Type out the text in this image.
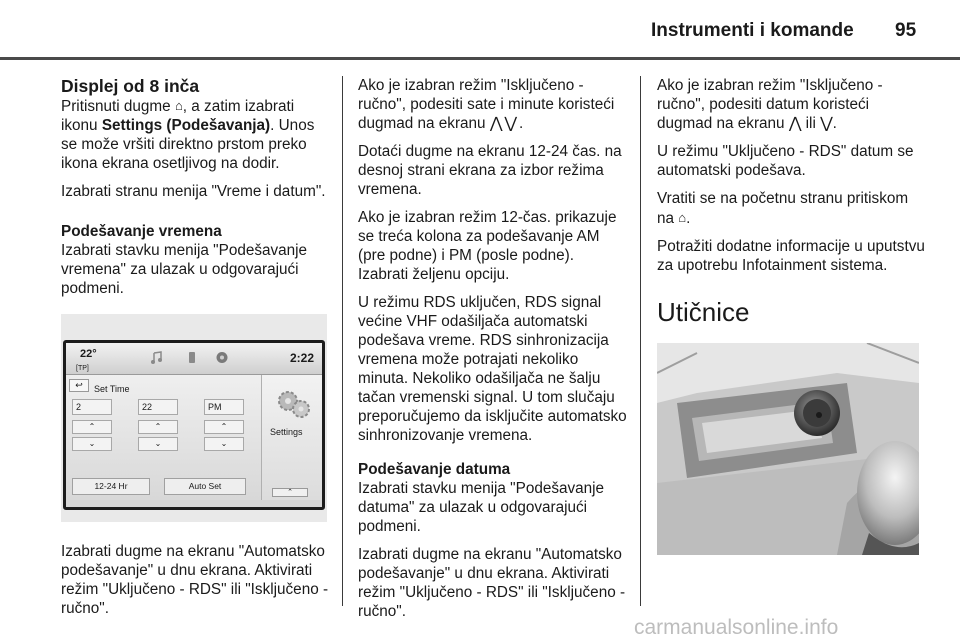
Instrumenti i komande 95

Displej od 8 inča

Pritisnuti dugme ⌂, a zatim izabrati ikonu Settings (Podešavanja). Unos se može vršiti direktno prstom preko ikona ekrana osetljivog na dodir.

Izabrati stranu menija "Vreme i datum".

Podešavanje vremena

Izabrati stavku menija "Podešavanje vremena" za ulazak u odgovarajući podmeni.

22°
[TP]
2:22
↩	Set Time
2	22	PM
⌃
⌄
⌃
⌄
⌃
⌄
12-24 Hr	Auto Set
Settings
⌃

Izabrati dugme na ekranu "Automatsko podešavanje" u dnu ekrana. Aktivirati režim "Uključeno - RDS" ili "Isključeno - ručno".

Ako je izabran režim "Isključeno - ručno", podesiti sate i minute koristeći dugmad na ekranu ⋀⋁.

Dotaći dugme na ekranu 12-24 čas. na desnoj strani ekrana za izbor režima vremena.

Ako je izabran režim 12-čas. prikazuje se treća kolona za podešavanje AM (pre podne) i PM (posle podne). Izabrati željenu opciju.

U režimu RDS uključen, RDS signal većine VHF odašiljača automatski podešava vreme. RDS sinhronizacija vremena može potrajati nekoliko minuta. Nekoliko odašiljača ne šalju tačan vremenski signal. U tom slučaju preporučujemo da isključite automatsko sinhronizovanje vremena.

Podešavanje datuma

Izabrati stavku menija "Podešavanje datuma" za ulazak u odgovarajući podmeni.

Izabrati dugme na ekranu "Automatsko podešavanje" u dnu ekrana. Aktivirati režim "Uključeno - RDS" ili "Isključeno - ručno".

Ako je izabran režim "Isključeno - ručno", podesiti datum koristeći dugmad na ekranu ⋀ ili ⋁.

U režimu "Uključeno - RDS" datum se automatski podešava.

Vratiti se na početnu stranu pritiskom na ⌂.

Potražiti dodatne informacije u uputstvu za upotrebu Infotainment sistema.

Utičnice

carmanualsonline.info
